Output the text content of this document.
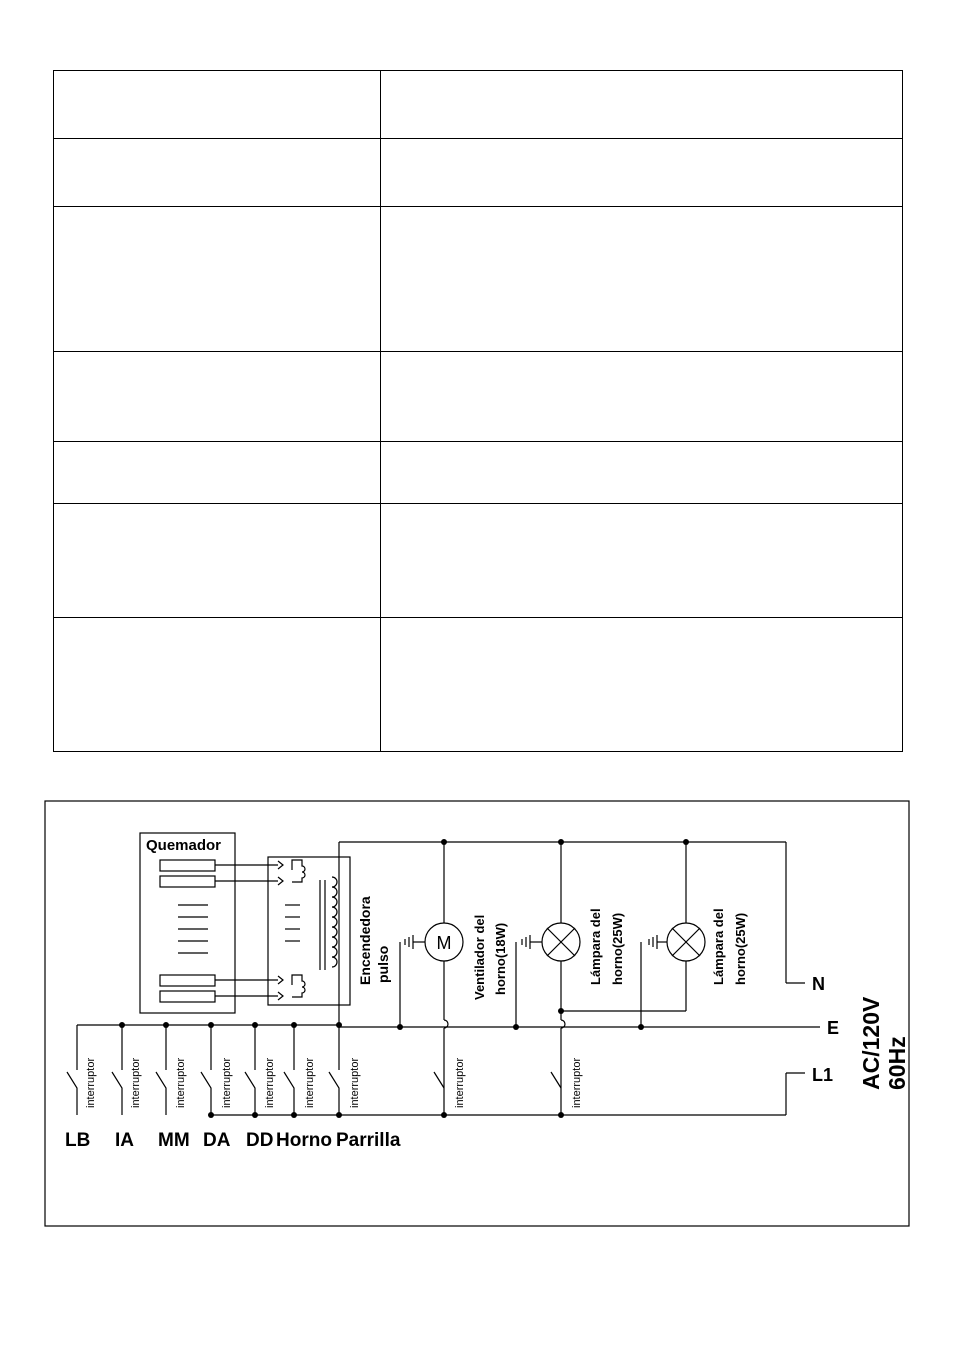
Quemador
Encendedora pulso
M Ventilador del horno(18W)	Lámpara del horno(25W)	Lámpara del horno(25W)
interruptor	interruptor	interruptor	interruptor	interruptor	interruptor	interruptor	interruptor	interruptor
N
E
L1 AC/120V 60Hz
LB IA MM DA DD Horno Parrilla
